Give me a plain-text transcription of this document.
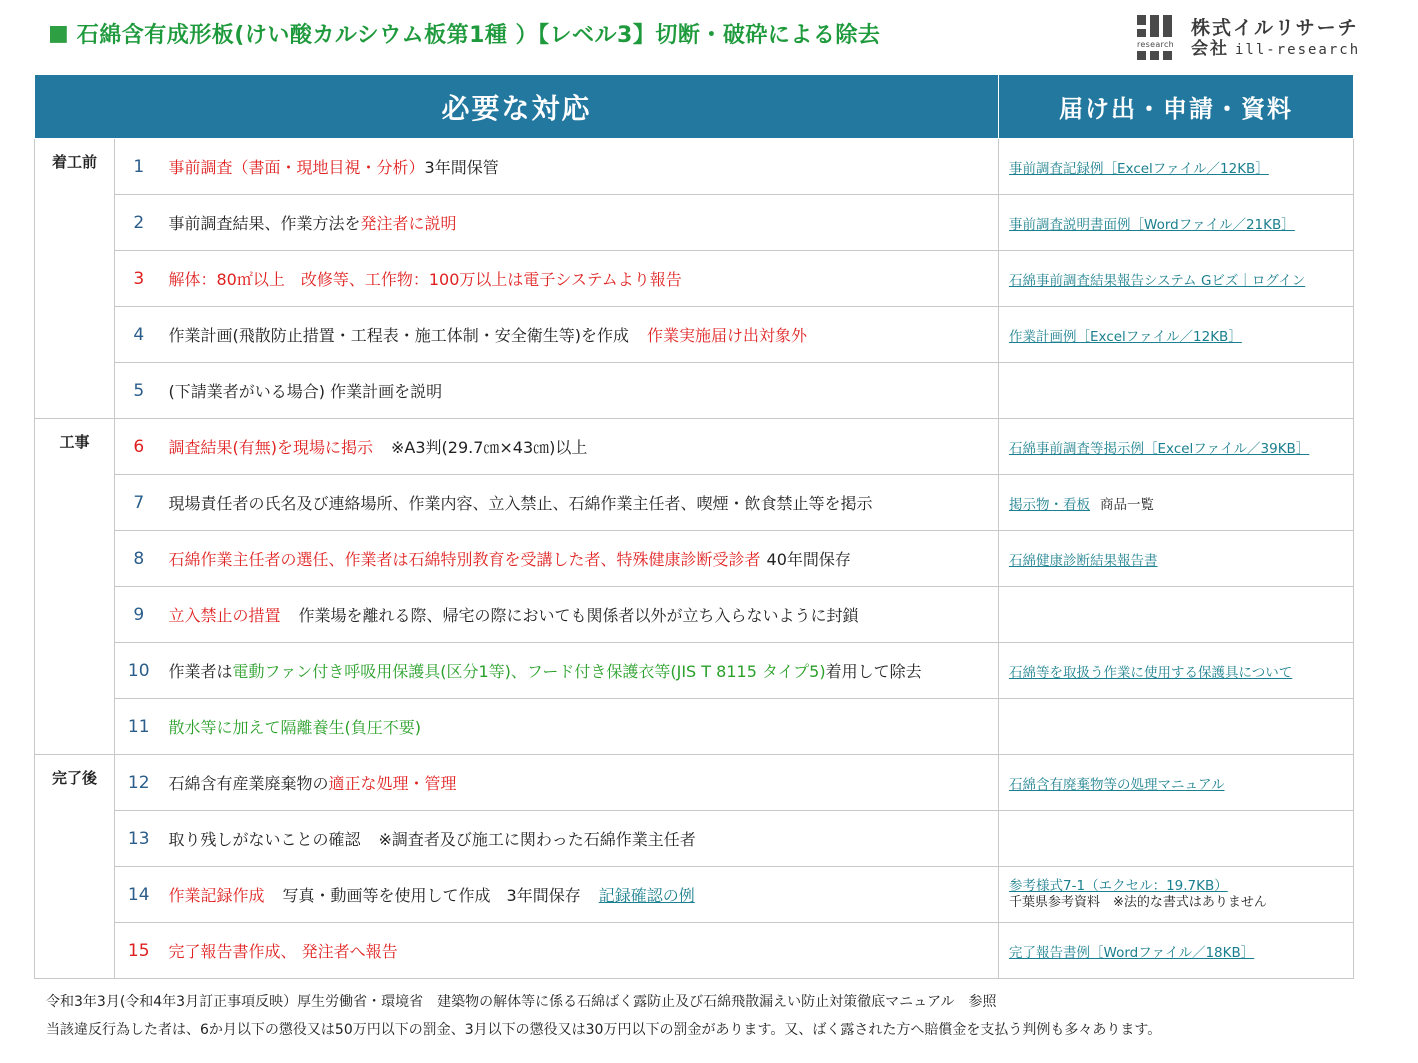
■ 石綿含有成形板(けい酸カルシウム板第1種 ）【レベル3】切断・破砕による除去	research
株式イルリサーチ
会社 ill-research
必要な対応			届け出・申請・資料
着工前	1	事前調査（書面・現地目視・分析）3年間保管	事前調査記録例［Excelファイル／12KB］
	2	事前調査結果、作業方法を発注者に説明	事前調査説明書面例［Wordファイル／21KB］
	3	解体：80㎡以上　改修等、工作物：100万以上は電子システムより報告	石綿事前調査結果報告システム Gビズ｜ログイン
	4	作業計画(飛散防止措置・工程表・施工体制・安全衛生等)を作成 作業実施届け出対象外	作業計画例［Excelファイル／12KB］
	5	(下請業者がいる場合) 作業計画を説明	
工事	6	調査結果(有無)を現場に掲示 ※A3判(29.7㎝×43㎝)以上	石綿事前調査等掲示例［Excelファイル／39KB］
	7	現場責任者の氏名及び連絡場所、作業内容、立入禁止、石綿作業主任者、喫煙・飲食禁止等を掲示	掲示物・看板 商品一覧
	8	石綿作業主任者の選任、作業者は石綿特別教育を受講した者、特殊健康診断受診者 40年間保存	石綿健康診断結果報告書
	9	立入禁止の措置 作業場を離れる際、帰宅の際においても関係者以外が立ち入らないように封鎖	
	10	作業者は電動ファン付き呼吸用保護具(区分1等)、フード付き保護衣等(JIS T 8115 タイプ5)着用して除去	石綿等を取扱う作業に使用する保護具について
	11	散水等に加えて隔離養生(負圧不要)	
完了後	12	石綿含有産業廃棄物の適正な処理・管理	石綿含有廃棄物等の処理マニュアル
	13	取り残しがないことの確認 ※調査者及び施工に関わった石綿作業主任者	
	14	作業記録作成 写真・動画等を使用して作成　3年間保存 記録確認の例	参考様式7-1（エクセル：19.7KB）
千葉県参考資料　※法的な書式はありません

	15	完了報告書作成、 発注者へ報告	完了報告書例［Wordファイル／18KB］
令和3年3月(令和4年3月訂正事項反映）厚生労働省・環境省　建築物の解体等に係る石綿ばく露防止及び石綿飛散漏えい防止対策徹底マニュアル　参照
当該違反行為した者は、6か月以下の懲役又は50万円以下の罰金、3月以下の懲役又は30万円以下の罰金があります。又、ばく露された方へ賠償金を支払う判例も多々あります。
